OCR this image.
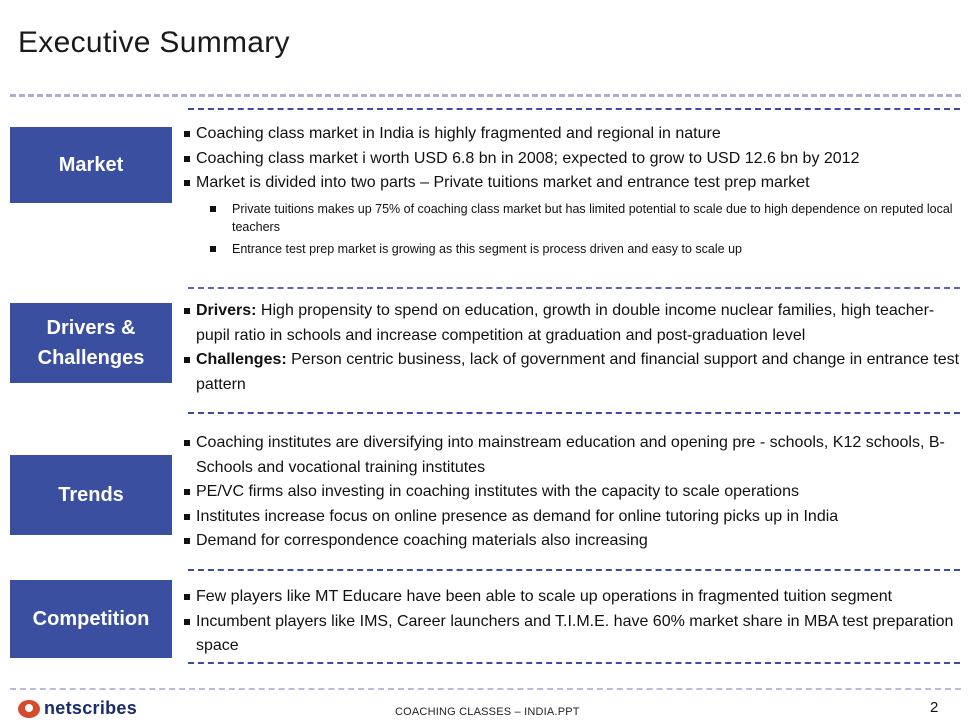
Executive Summary
Market
Coaching class market in India is highly fragmented and regional in nature
Coaching class market i worth USD 6.8 bn in 2008; expected to grow to USD 12.6 bn by 2012
Market is divided into two parts – Private tuitions market and entrance test prep market
Private tuitions makes up 75% of coaching class market but has limited potential to scale due to high dependence on reputed local teachers
Entrance test prep market is growing as this segment is process driven and easy to scale up
Drivers &
Challenges
Drivers: High propensity to spend on education, growth in double income nuclear families, high teacher-pupil ratio in schools and increase competition at graduation and post-graduation level
Challenges: Person centric business, lack of government and financial support and change in entrance test pattern
Trends
Coaching institutes are diversifying into mainstream education and opening pre - schools, K12 schools, B-Schools and vocational training institutes
PE/VC firms also investing in coaching institutes with the capacity to scale operations
Institutes increase focus on online presence as demand for online tutoring picks up in India
Demand for correspondence coaching materials also increasing
Competition
Few players like MT Educare have been able to scale up operations in fragmented tuition segment
Incumbent players like IMS, Career launchers and T.I.M.E. have 60% market share in MBA test preparation space
netscribes	COACHING CLASSES – INDIA.PPT	2
